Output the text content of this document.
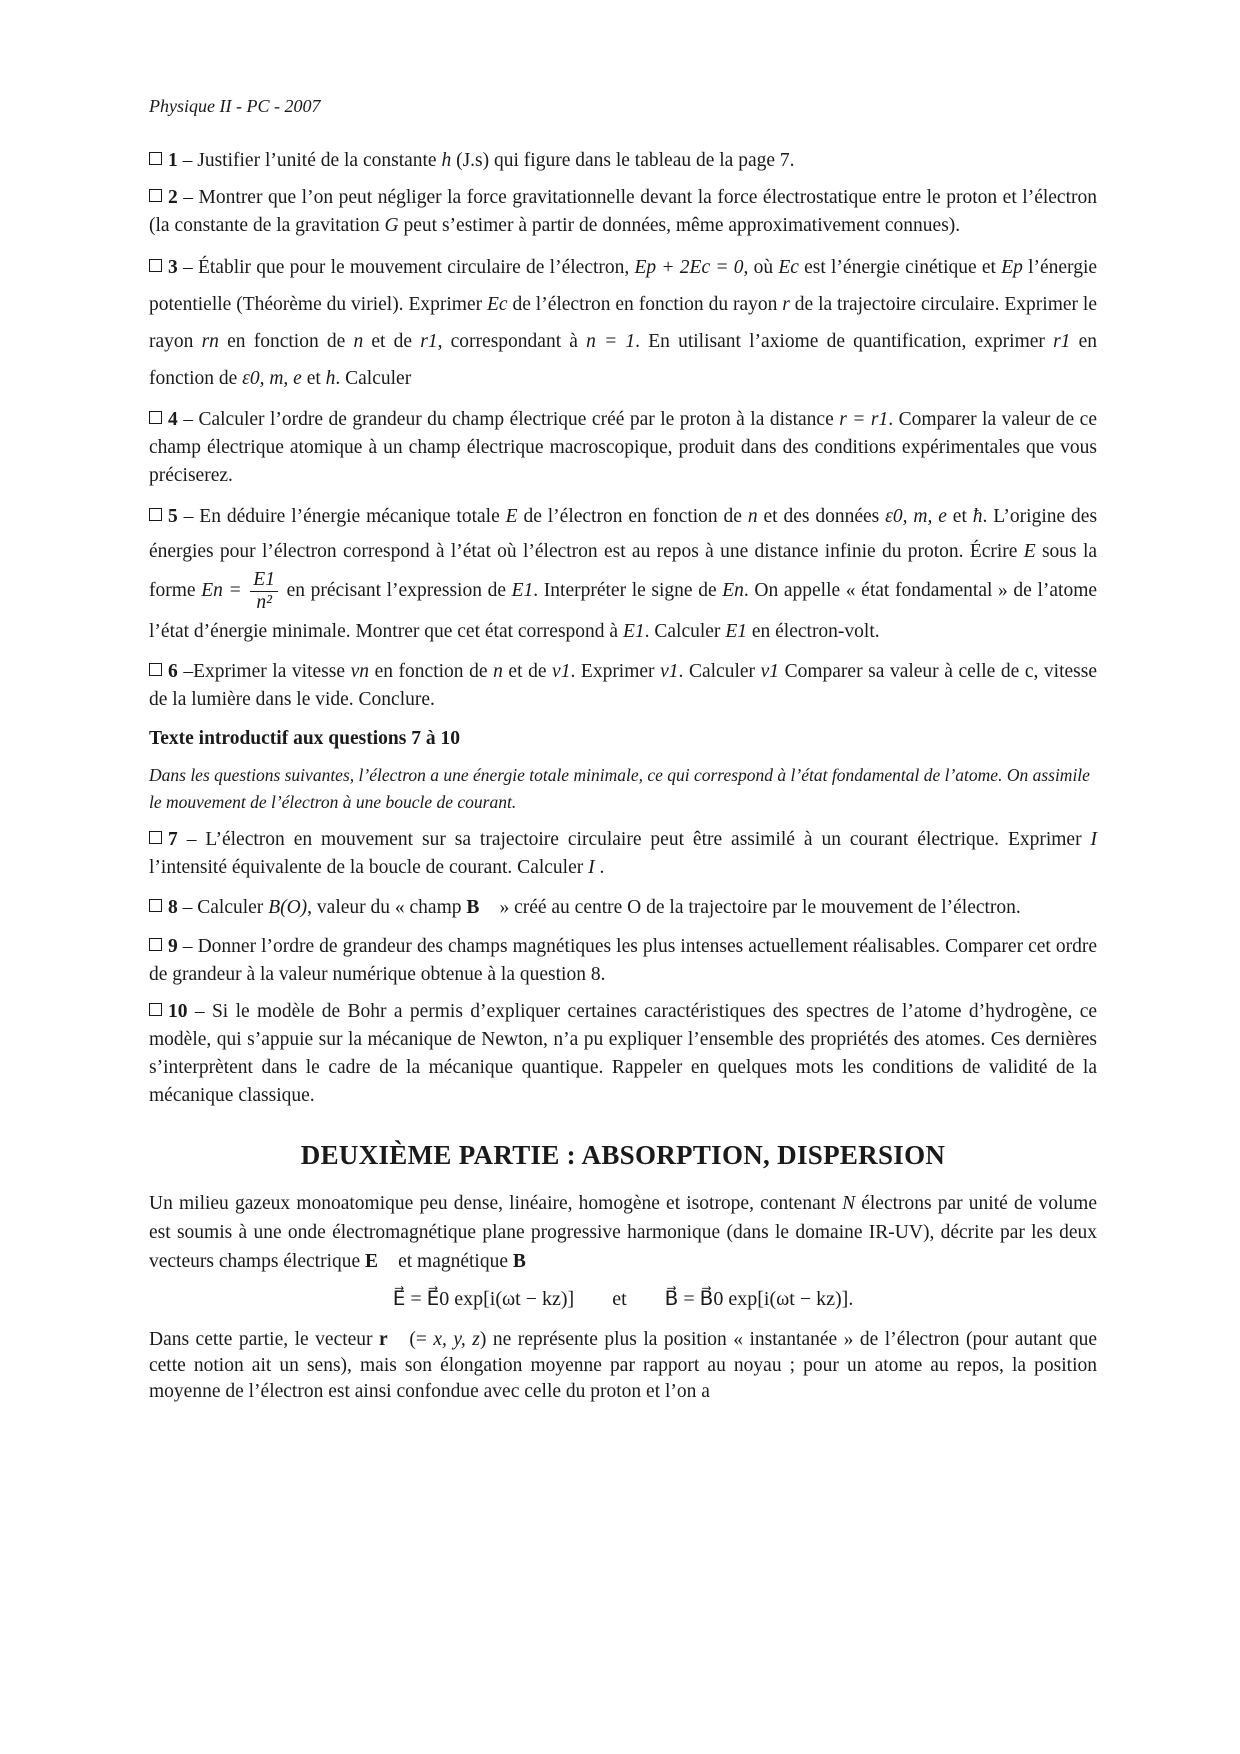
Physique II - PC - 2007

1 – Justifier l’unité de la constante h (J.s) qui figure dans le tableau de la page 7.

2 – Montrer que l’on peut négliger la force gravitationnelle devant la force électrostatique entre le proton et l’électron (la constante de la gravitation G peut s’estimer à partir de données, même approximativement connues).

3 – Établir que pour le mouvement circulaire de l’électron, Ep + 2Ec = 0, où Ec est l’énergie cinétique et Ep l’énergie potentielle (Théorème du viriel). Exprimer Ec de l’électron en fonction du rayon r de la trajectoire circulaire. Exprimer le rayon rn en fonction de n et de r1, correspondant à n = 1. En utilisant l’axiome de quantification, exprimer r1 en fonction de ε0, m, e et h. Calculer

4 – Calculer l’ordre de grandeur du champ électrique créé par le proton à la distance r = r1. Comparer la valeur de ce champ électrique atomique à un champ électrique macroscopique, produit dans des conditions expérimentales que vous préciserez.

5 – En déduire l’énergie mécanique totale E de l’électron en fonction de n et des données ε0, m, e et ħ. L’origine des énergies pour l’électron correspond à l’état où l’électron est au repos à une distance infinie du proton. Écrire E sous la forme $En = \frac{E1}{\text{n²}}$ en précisant l’expression de E1. Interpréter le signe de En. On appelle « état fondamental » de l’atome l’état d’énergie minimale. Montrer que cet état correspond à E1. Calculer E1 en électron-volt.

6 –Exprimer la vitesse vn en fonction de n et de v1. Exprimer v1. Calculer v1 Comparer sa valeur à celle de c, vitesse de la lumière dans le vide. Conclure.

Texte introductif aux questions 7 à 10
Dans les questions suivantes, l’électron a une énergie totale minimale, ce qui correspond à l’état fondamental de l’atome. On assimile le mouvement de l’électron à une boucle de courant.

7 – L’électron en mouvement sur sa trajectoire circulaire peut être assimilé à un courant électrique. Exprimer I l’intensité équivalente de la boucle de courant. Calculer I .

8 – Calculer B(O), valeur du « champ B⃗ » créé au centre O de la trajectoire par le mouvement de l’électron.

9 – Donner l’ordre de grandeur des champs magnétiques les plus intenses actuellement réalisables. Comparer cet ordre de grandeur à la valeur numérique obtenue à la question 8.

10 – Si le modèle de Bohr a permis d’expliquer certaines caractéristiques des spectres de l’atome d’hydrogène, ce modèle, qui s’appuie sur la mécanique de Newton, n’a pu expliquer l’ensemble des propriétés des atomes. Ces dernières s’interprètent dans le cadre de la mécanique quantique. Rappeler en quelques mots les conditions de validité de la mécanique classique.

DEUXIÈME PARTIE : ABSORPTION, DISPERSION

Un milieu gazeux monoatomique peu dense, linéaire, homogène et isotrope, contenant N électrons par unité de volume est soumis à une onde électromagnétique plane progressive harmonique (dans le domaine IR-UV), décrite par les deux vecteurs champs électrique E⃗ et magnétique B⃗

E⃗ = E⃗0 exp[i(ωt − kz)] et B⃗ = B⃗0 exp[i(ωt − kz)].

Dans cette partie, le vecteur r⃗ (= x, y, z) ne représente plus la position « instantanée » de l’électron (pour autant que cette notion ait un sens), mais son élongation moyenne par rapport au noyau ; pour un atome au repos, la position moyenne de l’électron est ainsi confondue avec celle du proton et l’on a
